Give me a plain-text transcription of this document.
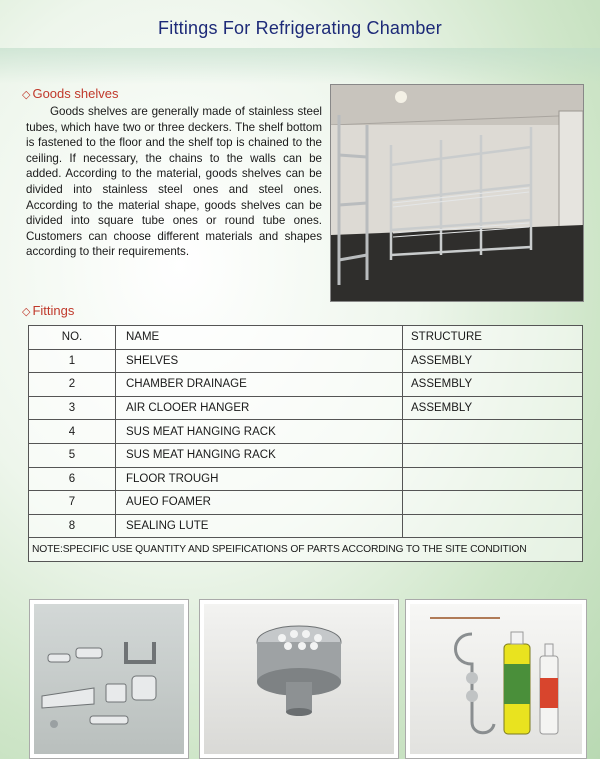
Fittings For Refrigerating Chamber
◇ Goods shelves
Goods shelves are generally made of stainless steel tubes, which have two or three deckers. The shelf bottom is fastened to the floor and the shelf top is chained to the ceiling. If necessary, the chains to the walls can be added. According to the material, goods shelves can be divided into stainless steel ones and steel ones. According to the material shape, goods shelves can be divided into square tube ones or round tube ones. Customers can choose different materials and shapes according to their requirements.
◇ Fittings
NO.	NAME	STRUCTURE
1	SHELVES	ASSEMBLY
2	CHAMBER DRAINAGE	ASSEMBLY
3	AIR CLOOER HANGER	ASSEMBLY
4	SUS MEAT HANGING RACK	
5	SUS MEAT HANGING RACK	
6	FLOOR TROUGH	
7	AUEO FOAMER	
8	SEALING LUTE	
NOTE:SPECIFIC USE QUANTITY AND SPEIFICATIONS OF PARTS ACCORDING TO THE SITE CONDITION		
